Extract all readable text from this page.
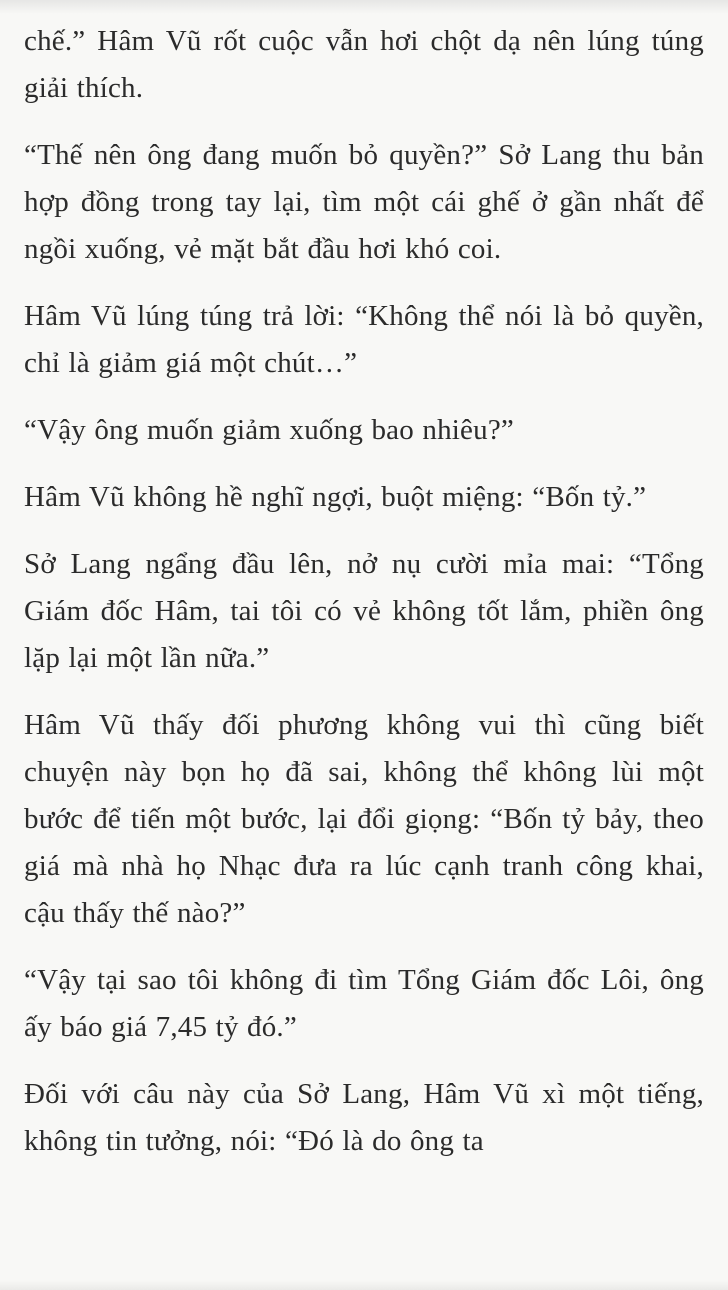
chế.” Hâm Vũ rốt cuộc vẫn hơi chột dạ nên lúng túng giải thích.

“Thế nên ông đang muốn bỏ quyền?” Sở Lang thu bản hợp đồng trong tay lại, tìm một cái ghế ở gần nhất để ngồi xuống, vẻ mặt bắt đầu hơi khó coi.

Hâm Vũ lúng túng trả lời: “Không thể nói là bỏ quyền, chỉ là giảm giá một chút…”

“Vậy ông muốn giảm xuống bao nhiêu?”

Hâm Vũ không hề nghĩ ngợi, buột miệng: “Bốn tỷ.”

Sở Lang ngẩng đầu lên, nở nụ cười mỉa mai: “Tổng Giám đốc Hâm, tai tôi có vẻ không tốt lắm, phiền ông lặp lại một lần nữa.”

Hâm Vũ thấy đối phương không vui thì cũng biết chuyện này bọn họ đã sai, không thể không lùi một bước để tiến một bước, lại đổi giọng: “Bốn tỷ bảy, theo giá mà nhà họ Nhạc đưa ra lúc cạnh tranh công khai, cậu thấy thế nào?”

“Vậy tại sao tôi không đi tìm Tổng Giám đốc Lôi, ông ấy báo giá 7,45 tỷ đó.”

Đối với câu này của Sở Lang, Hâm Vũ xì một tiếng, không tin tưởng, nói: “Đó là do ông ta
